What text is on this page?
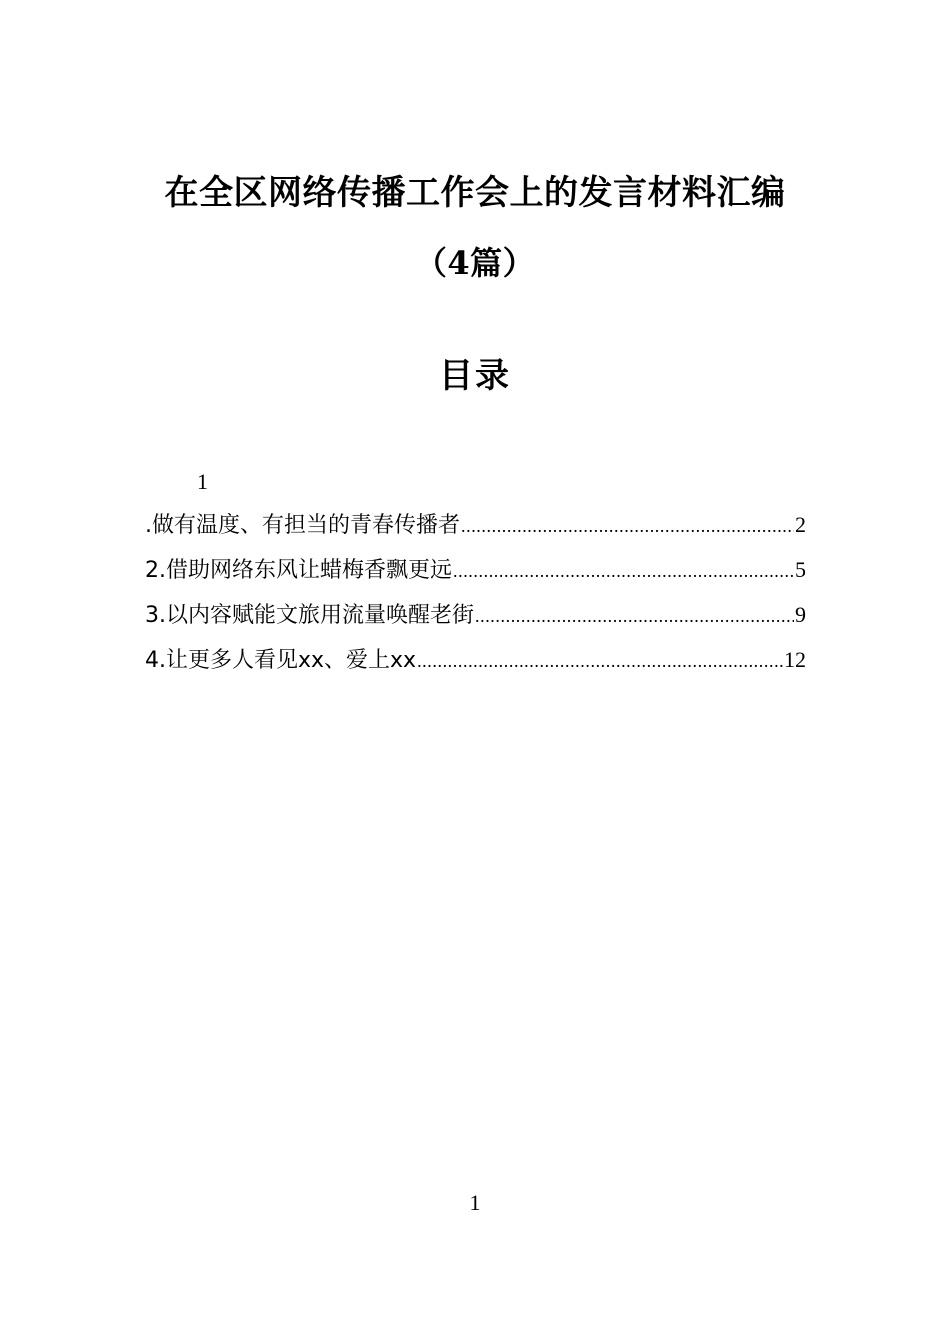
在全区网络传播工作会上的发言材料汇编
（4篇）
目录
1
.做有温度、有担当的青春传播者 .....	2
2.借助网络东风让蜡梅香飘更远 .....	5
3.以内容赋能文旅用流量唤醒老街 .....	9
4.让更多人看见xx、爱上xx .....	12
1
